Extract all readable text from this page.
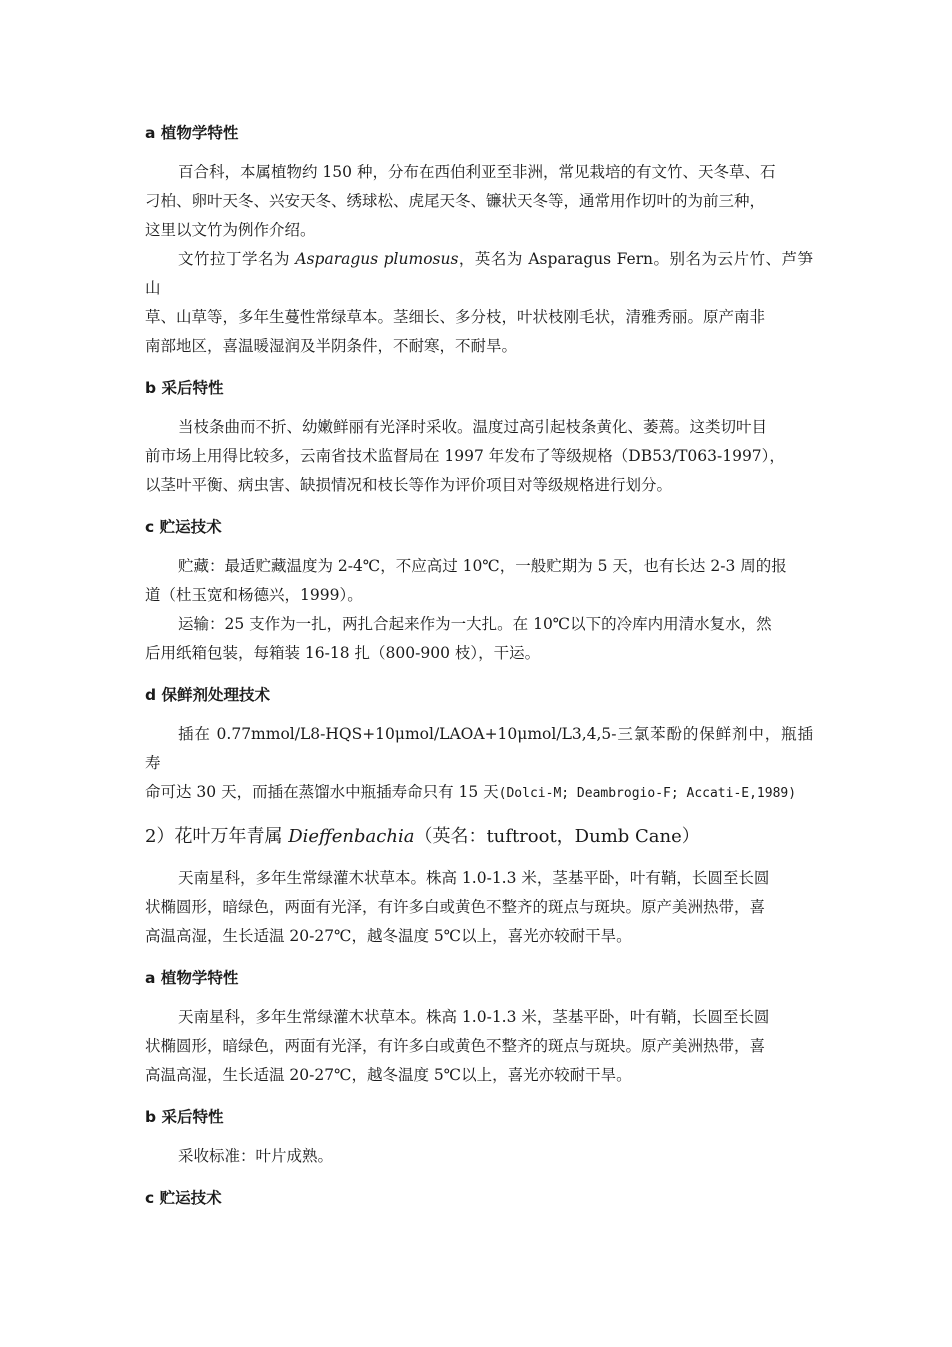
a 植物学特性

百合科，本属植物约 150 种，分布在西伯利亚至非洲，常见栽培的有文竹、天冬草、石
刁柏、卵叶天冬、兴安天冬、绣球松、虎尾天冬、镰状天冬等，通常用作切叶的为前三种，
这里以文竹为例作介绍。

文竹拉丁学名为 Asparagus plumosus，英名为 Asparagus Fern。别名为云片竹、芦笋山
草、山草等，多年生蔓性常绿草本。茎细长、多分枝，叶状枝刚毛状，清雅秀丽。原产南非
南部地区，喜温暖湿润及半阴条件，不耐寒，不耐旱。

b 采后特性

当枝条曲而不折、幼嫩鲜丽有光泽时采收。温度过高引起枝条黄化、萎蔫。这类切叶目
前市场上用得比较多，云南省技术监督局在 1997 年发布了等级规格（DB53/T063-1997），
以茎叶平衡、病虫害、缺损情况和枝长等作为评价项目对等级规格进行划分。

c 贮运技术

贮藏：最适贮藏温度为 2-4℃，不应高过 10℃，一般贮期为 5 天，也有长达 2-3 周的报
道（杜玉宽和杨德兴，1999）。

运输：25 支作为一扎，两扎合起来作为一大扎。在 10℃以下的冷库内用清水复水，然
后用纸箱包装，每箱装 16-18 扎（800-900 枝），干运。

d 保鲜剂处理技术

插在 0.77mmol/L8-HQS+10μmol/LAOA+10μmol/L3,4,5-三氯苯酚的保鲜剂中，瓶插寿
命可达 30 天，而插在蒸馏水中瓶插寿命只有 15 天(Dolci-M; Deambrogio-F; Accati-E,1989)

2）花叶万年青属 Dieffenbachia（英名：tuftroot，Dumb Cane）

天南星科，多年生常绿灌木状草本。株高 1.0-1.3 米，茎基平卧，叶有鞘，长圆至长圆
状椭圆形，暗绿色，两面有光泽，有许多白或黄色不整齐的斑点与斑块。原产美洲热带，喜
高温高湿，生长适温 20-27℃，越冬温度 5℃以上，喜光亦较耐干旱。

a 植物学特性

天南星科，多年生常绿灌木状草本。株高 1.0-1.3 米，茎基平卧，叶有鞘，长圆至长圆
状椭圆形，暗绿色，两面有光泽，有许多白或黄色不整齐的斑点与斑块。原产美洲热带，喜
高温高湿，生长适温 20-27℃，越冬温度 5℃以上，喜光亦较耐干旱。

b 采后特性

采收标准：叶片成熟。

c 贮运技术
